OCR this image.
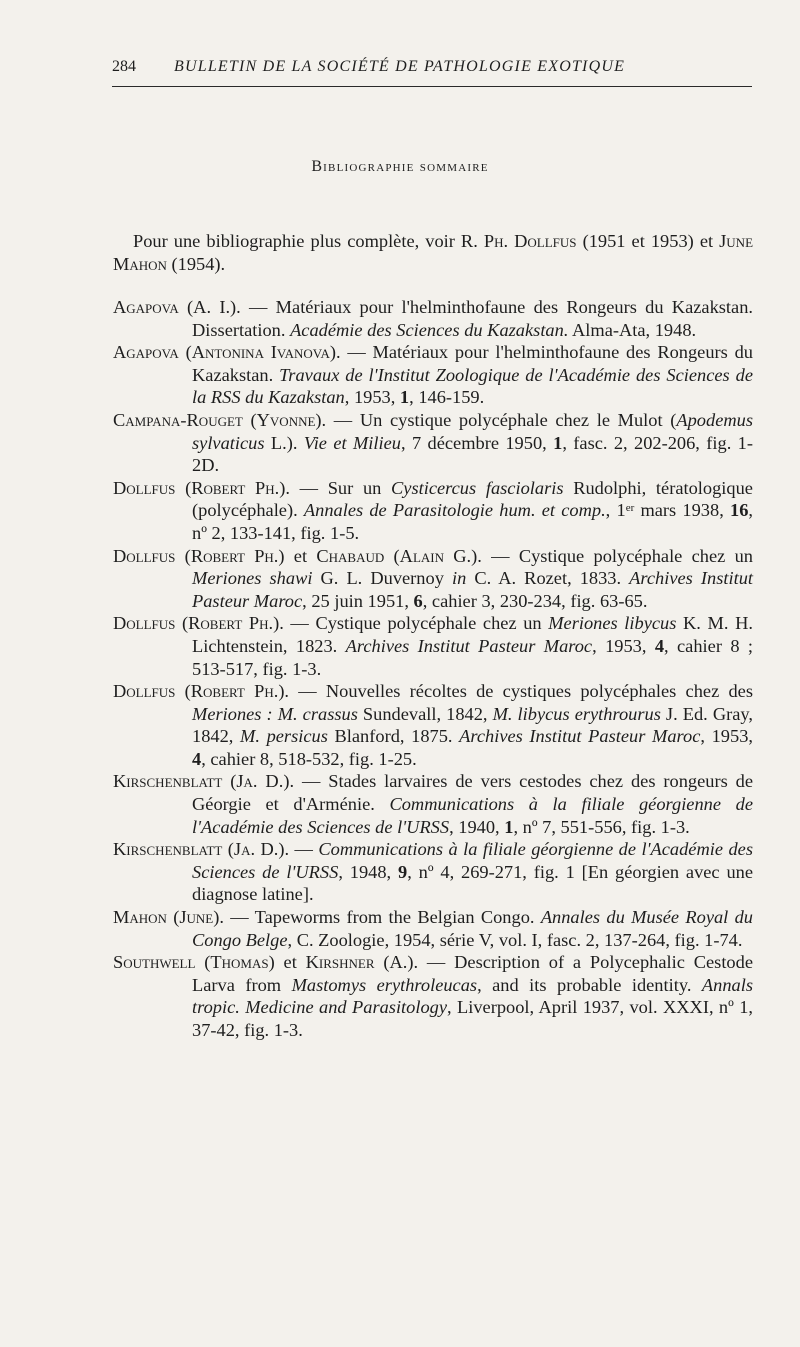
284 BULLETIN DE LA SOCIÉTÉ DE PATHOLOGIE EXOTIQUE
Bibliographie sommaire

Pour une bibliographie plus complète, voir R. Ph. Dollfus (1951 et 1953) et June Mahon (1954).

Agapova (A. I.). — Matériaux pour l'helminthofaune des Rongeurs du Kazakstan. Dissertation. Académie des Sciences du Kazakstan. Alma-Ata, 1948.
Agapova (Antonina Ivanova). — Matériaux pour l'helminthofaune des Rongeurs du Kazakstan. Travaux de l'Institut Zoologique de l'Académie des Sciences de la RSS du Kazakstan, 1953, 1, 146-159.
Campana-Rouget (Yvonne). — Un cystique polycéphale chez le Mulot (Apodemus sylvaticus L.). Vie et Milieu, 7 décembre 1950, 1, fasc. 2, 202-206, fig. 1-2D.
Dollfus (Robert Ph.). — Sur un Cysticercus fasciolaris Rudolphi, tératologique (polycéphale). Annales de Parasitologie hum. et comp., 1er mars 1938, 16, nº 2, 133-141, fig. 1-5.
Dollfus (Robert Ph.) et Chabaud (Alain G.). — Cystique polycéphale chez un Meriones shawi G. L. Duvernoy in C. A. Rozet, 1833. Archives Institut Pasteur Maroc, 25 juin 1951, 6, cahier 3, 230-234, fig. 63-65.
Dollfus (Robert Ph.). — Cystique polycéphale chez un Meriones libycus K. M. H. Lichtenstein, 1823. Archives Institut Pasteur Maroc, 1953, 4, cahier 8 ; 513-517, fig. 1-3.
Dollfus (Robert Ph.). — Nouvelles récoltes de cystiques polycéphales chez des Meriones : M. crassus Sundevall, 1842, M. libycus erythrourus J. Ed. Gray, 1842, M. persicus Blanford, 1875. Archives Institut Pasteur Maroc, 1953, 4, cahier 8, 518-532, fig. 1-25.
Kirschenblatt (Ja. D.). — Stades larvaires de vers cestodes chez des rongeurs de Géorgie et d'Arménie. Communications à la filiale géorgienne de l'Académie des Sciences de l'URSS, 1940, 1, nº 7, 551-556, fig. 1-3.
Kirschenblatt (Ja. D.). — Communications à la filiale géorgienne de l'Académie des Sciences de l'URSS, 1948, 9, nº 4, 269-271, fig. 1 [En géorgien avec une diagnose latine].
Mahon (June). — Tapeworms from the Belgian Congo. Annales du Musée Royal du Congo Belge, C. Zoologie, 1954, série V, vol. I, fasc. 2, 137-264, fig. 1-74.
Southwell (Thomas) et Kirshner (A.). — Description of a Polycephalic Cestode Larva from Mastomys erythroleucas, and its probable identity. Annals tropic. Medicine and Parasitology, Liverpool, April 1937, vol. XXXI, nº 1, 37-42, fig. 1-3.
